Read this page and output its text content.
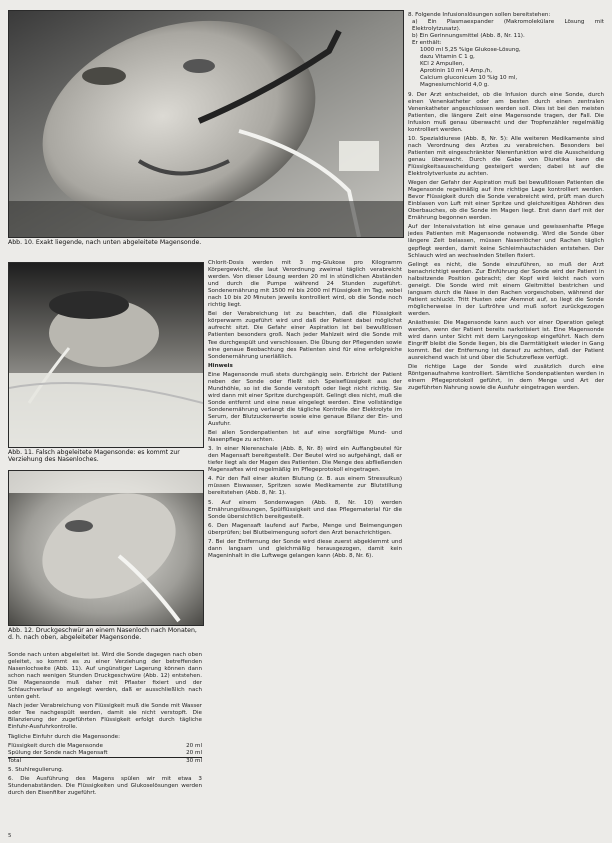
Abb. 10. Exakt liegende, nach unten abgeleitete Magensonde.
Abb. 11. Falsch abgeleitete Magensonde: es kommt zur Verziehung des Nasenloches.
Abb. 12. Druckgeschwür an einem Nasenloch nach Monaten, d. h. nach oben, abgeleiteter Magensonde.

Sonde nach unten abgeleitet ist. Wird die Sonde dagegen nach oben geleitet, so kommt es zu einer Verziehung der betreffenden Nasenlochseite (Abb. 11). Auf ungünstiger Lagerung können dann schon nach wenigen Stunden Druckgeschwüre (Abb. 12) entstehen. Die Magensonde muß daher mit Pflaster fixiert und der Schlauchverlauf so angelegt werden, daß er ausschließlich nach unten geht.

Nach jeder Verabreichung von Flüssigkeit muß die Sonde mit Wasser oder Tee nachgespült werden, damit sie nicht verstopft. Die Bilanzierung der zugeführten Flüssigkeit erfolgt durch tägliche Einfuhr-Ausfuhrkontrolle.

Tägliche Einfuhr durch die Magensonde:

Flüssigkeit durch die Magensonde	20 ml
Spülung der Sonde nach Magensaft	20 ml
Total	30 ml

5. Stuhlregulierung.

6. Die Ausführung des Magens spülen wir mit etwa 3 Stundenabständen. Die Flüssigkeiten und Glukoselösungen werden durch den Eisenfilter zugeführt.

Chlorit-Dosis werden mit 3 mg-Glukose pro Kilogramm Körpergewicht, die laut Verordnung zweimal täglich verabreicht werden. Von dieser Lösung werden 20 ml in stündlichen Abständen und durch die Pumpe während 24 Stunden zugeführt. Sondenernährung mit 1500 ml bis 2000 ml Flüssigkeit im Tag, wobei nach 10 bis 20 Minuten jeweils kontrolliert wird, ob die Sonde noch richtig liegt.

Bei der Verabreichung ist zu beachten, daß die Flüssigkeit körperwarm zugeführt wird und daß der Patient dabei möglichst aufrecht sitzt. Die Gefahr einer Aspiration ist bei bewußtlosen Patienten besonders groß. Nach jeder Mahlzeit wird die Sonde mit Tee durchgespült und verschlossen. Die Übung der Pflegenden sowie eine genaue Beobachtung des Patienten sind für eine erfolgreiche Sondenernährung unerläßlich.

Hinweis

Eine Magensonde muß stets durchgängig sein. Erbricht der Patient neben der Sonde oder fließt sich Speiseflüssigkeit aus der Mundhöhle, so ist die Sonde verstopft oder liegt nicht richtig. Sie wird dann mit einer Spritze durchgespült. Gelingt dies nicht, muß die Sonde entfernt und eine neue eingelegt werden. Eine vollständige Sondenernährung verlangt die tägliche Kontrolle der Elektrolyte im Serum, der Blutzuckerwerte sowie eine genaue Bilanz der Ein- und Ausfuhr.

Bei allen Sondenpatienten ist auf eine sorgfältige Mund- und Nasenpflege zu achten.

3. In einer Nierenschale (Abb. 8, Nr. 8) wird ein Auffangbeutel für den Magensaft bereitgestellt. Der Beutel wird so aufgehängt, daß er tiefer liegt als der Magen des Patienten. Die Menge des abfließenden Magensaftes wird regelmäßig im Pflegeprotokoll eingetragen.

4. Für den Fall einer akuten Blutung (z. B. aus einem Stressulkus) müssen Eiswasser, Spritzen sowie Medikamente zur Blutstillung bereitstehen (Abb. 8, Nr. 1).

5. Auf einem Sondenwagen (Abb. 8, Nr. 10) werden Ernährungslösungen, Spülflüssigkeit und das Pflegematerial für die Sonde übersichtlich bereitgestellt.

6. Den Magensaft laufend auf Farbe, Menge und Beimengungen überprüfen; bei Blutbeimengung sofort den Arzt benachrichtigen.

7. Bei der Entfernung der Sonde wird diese zuerst abgeklemmt und dann langsam und gleichmäßig herausgezogen, damit kein Mageninhalt in die Luftwege gelangen kann (Abb. 8, Nr. 6).

8. Folgende Infusionslösungen sollen bereitstehen:
a) Ein Plasmaexpander (Makromolekülare Lösung mit Elektrolytzusatz).
b) Ein Gerinnungsmittel (Abb. 8, Nr. 11).
Er enthält:
1000 ml 5,25 %ige Glukose-Lösung,
dazu Vitamin C 1 g,
KCl 2 Ampullen,
Aprotinin 10 ml 4 Amp./h,
Calcium gluconicum 10 %ig 10 ml,
Magnesiumchlorid 4,0 g.

9. Der Arzt entscheidet, ob die Infusion durch eine Sonde, durch einen Venenkatheter oder am besten durch einen zentralen Venenkatheter angeschlossen werden soll. Dies ist bei den meisten Patienten, die längere Zeit eine Magensonde tragen, der Fall. Die Infusion muß genau überwacht und der Tropfenzähler regelmäßig kontrolliert werden.

10. Spezialdiurese (Abb. 8, Nr. 5): Alle weiteren Medikamente sind nach Verordnung des Arztes zu verabreichen. Besonders bei Patienten mit eingeschränkter Nierenfunktion wird die Ausscheidung genau überwacht. Durch die Gabe von Diuretika kann die Flüssigkeitsausscheidung gesteigert werden; dabei ist auf die Elektrolytverluste zu achten.

Wegen der Gefahr der Aspiration muß bei bewußtlosen Patienten die Magensonde regelmäßig auf ihre richtige Lage kontrolliert werden. Bevor Flüssigkeit durch die Sonde verabreicht wird, prüft man durch Einblasen von Luft mit einer Spritze und gleichzeitiges Abhören des Oberbauches, ob die Sonde im Magen liegt. Erst dann darf mit der Ernährung begonnen werden.

Auf der Intensivstation ist eine genaue und gewissenhafte Pflege jedes Patienten mit Magensonde notwendig. Wird die Sonde über längere Zeit belassen, müssen Nasenlöcher und Rachen täglich gepflegt werden, damit keine Schleimhautschäden entstehen. Der Schlauch wird an wechselnden Stellen fixiert.

Gelingt es nicht, die Sonde einzuführen, so muß der Arzt benachrichtigt werden. Zur Einführung der Sonde wird der Patient in halbsitzende Position gebracht; der Kopf wird leicht nach vorn geneigt. Die Sonde wird mit einem Gleitmittel bestrichen und langsam durch die Nase in den Rachen vorgeschoben, während der Patient schluckt. Tritt Husten oder Atemnot auf, so liegt die Sonde möglicherweise in der Luftröhre und muß sofort zurückgezogen werden.

Anästhesie: Die Magensonde kann auch vor einer Operation gelegt werden, wenn der Patient bereits narkotisiert ist. Eine Magensonde wird dann unter Sicht mit dem Laryngoskop eingeführt. Nach dem Eingriff bleibt die Sonde liegen, bis die Darmtätigkeit wieder in Gang kommt. Bei der Entfernung ist darauf zu achten, daß der Patient ausreichend wach ist und über die Schutzreflexe verfügt.

Die richtige Lage der Sonde wird zusätzlich durch eine Röntgenaufnahme kontrolliert. Sämtliche Sondenpatienten werden in einem Pflegeprotokoll geführt, in dem Menge und Art der zugeführten Nahrung sowie die Ausfuhr eingetragen werden.

5
